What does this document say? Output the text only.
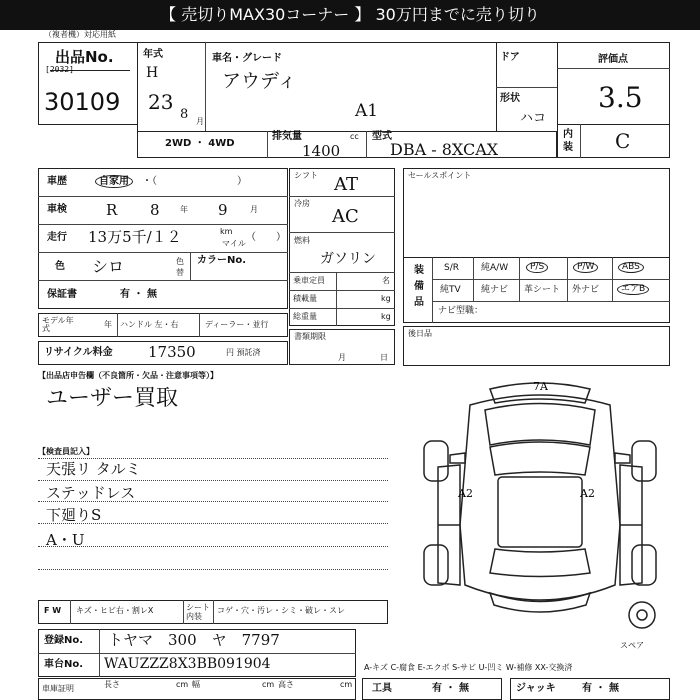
【 売切りMAX30コーナー 】 30万円までに売り切り
（複者機）対応用紙
出品No.
[2032]
30109
年式
H
23
8 月
車名・グレード
アウディ
A1
ドア
形状
ハコ
評価点
3.5
内装 C
2WD ・ 4WD
排気量	cc
1400
型式
DBA - 8XCAX
車歴	自家用	・（　　　　　　　　）
車検	R 8	年 9	月
走行 13万5千/１２	km
マイル
（　　）
色 シロ	色替
カラーNo.
保証書	有 ・ 無
モデル年式	年 ハンドル 左・右	ディーラー・並行
リサイクル料金 17350	円 預託済
シフト AT
冷房
AC
燃料
ガソリン
乗車定員	名
積載量	kg
総重量	kg
書類期限
月	日
セールスポイント
装備品
S/R 純A/W	P/S	P/W	ABS
純TV 純ナビ 革シート 外ナビ	エアB
ナビ型職：
後日品
【出品店申告欄（不良箇所・欠品・注意事項等）】
ユーザー買取
【検査員記入】
天張リ タルミ
ステッドレス
下廻りS
A・U
7A
A2	A2
スペア
F W キズ・ヒビ右・割レX	シート内装
コゲ・穴・汚レ・シミ・破レ・スレ
登録No. トヤマ　300　ヤ　7797
車台No. WAUZZZ8X3BB091904	A-キズ C-腐食 E-エクボ S-サビ U-凹ミ W-補修 XX-交換済
車庫証明	長さ	cm 幅	cm 高さ	cm 工具	有 ・ 無	ジャッキ	有 ・ 無
